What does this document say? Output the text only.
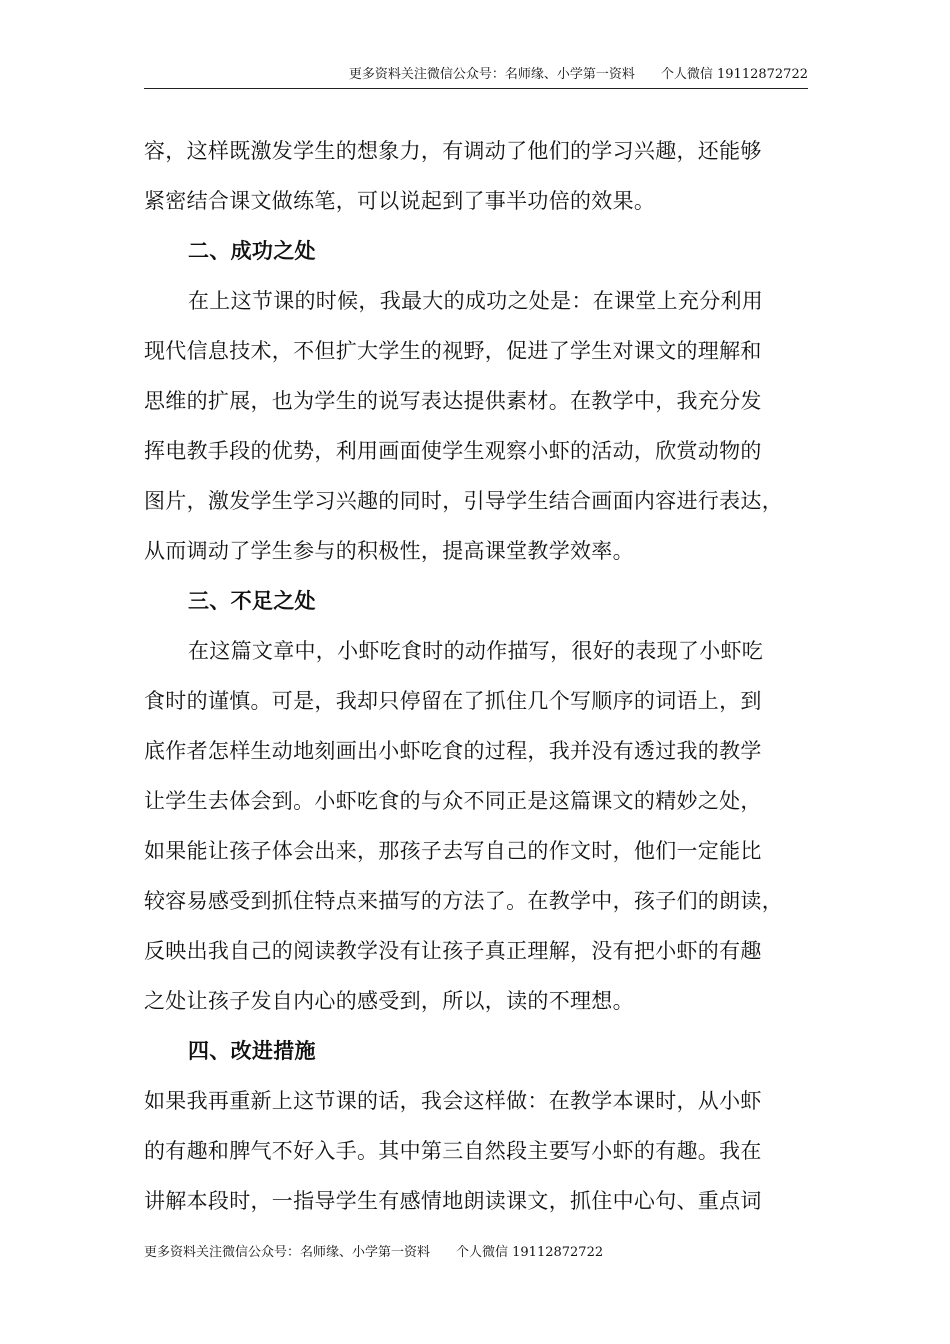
更多资料关注微信公众号：名师缘、小学第一资料　　个人微信 19112872722
容，这样既激发学生的想象力，有调动了他们的学习兴趣，还能够
紧密结合课文做练笔，可以说起到了事半功倍的效果。
二、成功之处
在上这节课的时候，我最大的成功之处是：在课堂上充分利用
现代信息技术，不但扩大学生的视野，促进了学生对课文的理解和
思维的扩展，也为学生的说写表达提供素材。在教学中，我充分发
挥电教手段的优势，利用画面使学生观察小虾的活动，欣赏动物的
图片，激发学生学习兴趣的同时，引导学生结合画面内容进行表达，
从而调动了学生参与的积极性，提高课堂教学效率。
三、不足之处
在这篇文章中，小虾吃食时的动作描写，很好的表现了小虾吃
食时的谨慎。可是，我却只停留在了抓住几个写顺序的词语上，到
底作者怎样生动地刻画出小虾吃食的过程，我并没有透过我的教学
让学生去体会到。小虾吃食的与众不同正是这篇课文的精妙之处，
如果能让孩子体会出来，那孩子去写自己的作文时，他们一定能比
较容易感受到抓住特点来描写的方法了。在教学中，孩子们的朗读，
反映出我自己的阅读教学没有让孩子真正理解，没有把小虾的有趣
之处让孩子发自内心的感受到，所以，读的不理想。
四、改进措施
如果我再重新上这节课的话，我会这样做：在教学本课时，从小虾
的有趣和脾气不好入手。其中第三自然段主要写小虾的有趣。我在
讲解本段时，一指导学生有感情地朗读课文，抓住中心句、重点词
更多资料关注微信公众号：名师缘、小学第一资料　　个人微信 19112872722
